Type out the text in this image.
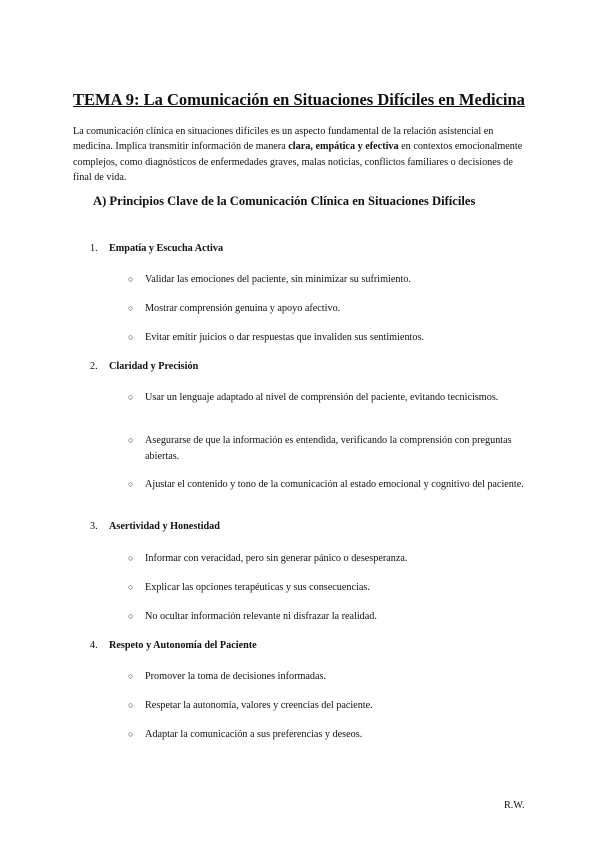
TEMA 9: La Comunicación en Situaciones Difíciles en Medicina

La comunicación clínica en situaciones difíciles es un aspecto fundamental de la relación asistencial en medicina. Implica transmitir información de manera clara, empática y efectiva en contextos emocionalmente complejos, como diagnósticos de enfermedades graves, malas noticias, conflictos familiares o decisiones de final de vida.

A) Principios Clave de la Comunicación Clínica en Situaciones Difíciles
1. Empatía y Escucha Activa
○	Validar las emociones del paciente, sin minimizar su sufrimiento.
○	Mostrar comprensión genuina y apoyo afectivo.
○	Evitar emitir juicios o dar respuestas que invaliden sus sentimientos.
2. Claridad y Precisión
○	Usar un lenguaje adaptado al nivel de comprensión del paciente, evitando tecnicismos.
○	Asegurarse de que la información es entendida, verificando la comprensión con preguntas abiertas.
○	Ajustar el contenido y tono de la comunicación al estado emocional y cognitivo del paciente.
3. Asertividad y Honestidad
○	Informar con veracidad, pero sin generar pánico o desesperanza.
○	Explicar las opciones terapéuticas y sus consecuencias.
○	No ocultar información relevante ni disfrazar la realidad.
4. Respeto y Autonomía del Paciente
○	Promover la toma de decisiones informadas.
○	Respetar la autonomía, valores y creencias del paciente.
○	Adaptar la comunicación a sus preferencias y deseos.

R.W.
